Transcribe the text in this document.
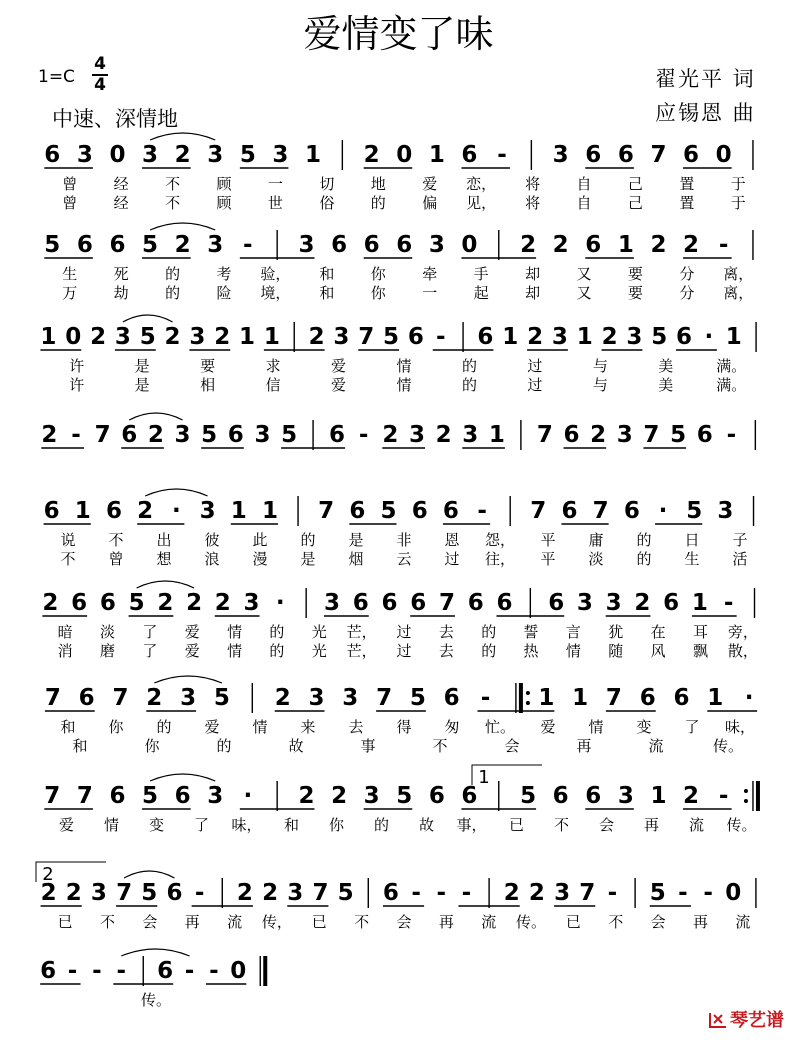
爱情变了味
1=C
4
4
中速、深情地
翟光平 词
应锡恩 曲
6 3 0 3 2 3 5 3 1 2 0 1 6 - 3 6 6 7 6 0
曾 经 不 顾 一 切 地 爱 恋， 将 自 己 置 于
曾 经 不 顾 世 俗 的 偏 见， 将 自 己 置 于
5 6 6 5 2 3 - 3 6 6 6 3 0 2 2 6 1 2 2 -
生 死 的 考 验， 和 你 牵 手 却 又 要 分 离，
万 劫 的 险 境， 和 你 一 起 却 又 要 分 离，
1 0 2 3 5 2 3 2 1 1 2 3 7 5 6 - 6 1 2 3 1 2 3 5 6 · 1
许	是	要	求	爱	情	的	过	与	美	满。
许	是	相	信	爱	情	的	过	与	美	满。
2 - 7 6 2 3 5 6 3 5 6 - 2 3 2 3 1 7 6 2 3 7 5 6 -
6 1 6 2 · 3 1 1 7 6 5 6 6 - 7 6 7 6 · 5 3
说 不 出 彼 此 的 是 非 恩 怨， 平 庸 的 日 子
不 曾 想 浪 漫 是 烟 云 过 往， 平 淡 的 生 活
2 6 6 5 2 2 2 3 · 3 6 6 6 7 6 6 6 3 3 2 6 1 -
暗 淡 了 爱 情 的 光 芒， 过 去 的 誓 言 犹 在 耳 旁，
消 磨 了 爱 情 的 光 芒， 过 去 的 热 情 随 风 飘 散，
7 6 7 2 3 5 2 3 3 7 5 6 - 1 1 7 6 6 1 ·
和 你 的 爱 情 来 去 得 匆 忙。 爱 情 变 了 味，
和	你	的	故	事	不	会	再	流	传。
7 7 6 5 6 3 · 2 2 3 5 6 6 5 6 6 3 1 2 -
1
爱 情 变 了 味， 和 你 的 故 事， 已 不 会 再 流 传。
2 2 3 7 5 6 - 2 2 3 7 5 6 - - - 2 2 3 7 - 5 - - 0
2
已 不 会 再 流 传， 已 不 会 再 流 传。 已 不 会 再 流
6 - - - 6 - - 0
传。
琴艺谱
